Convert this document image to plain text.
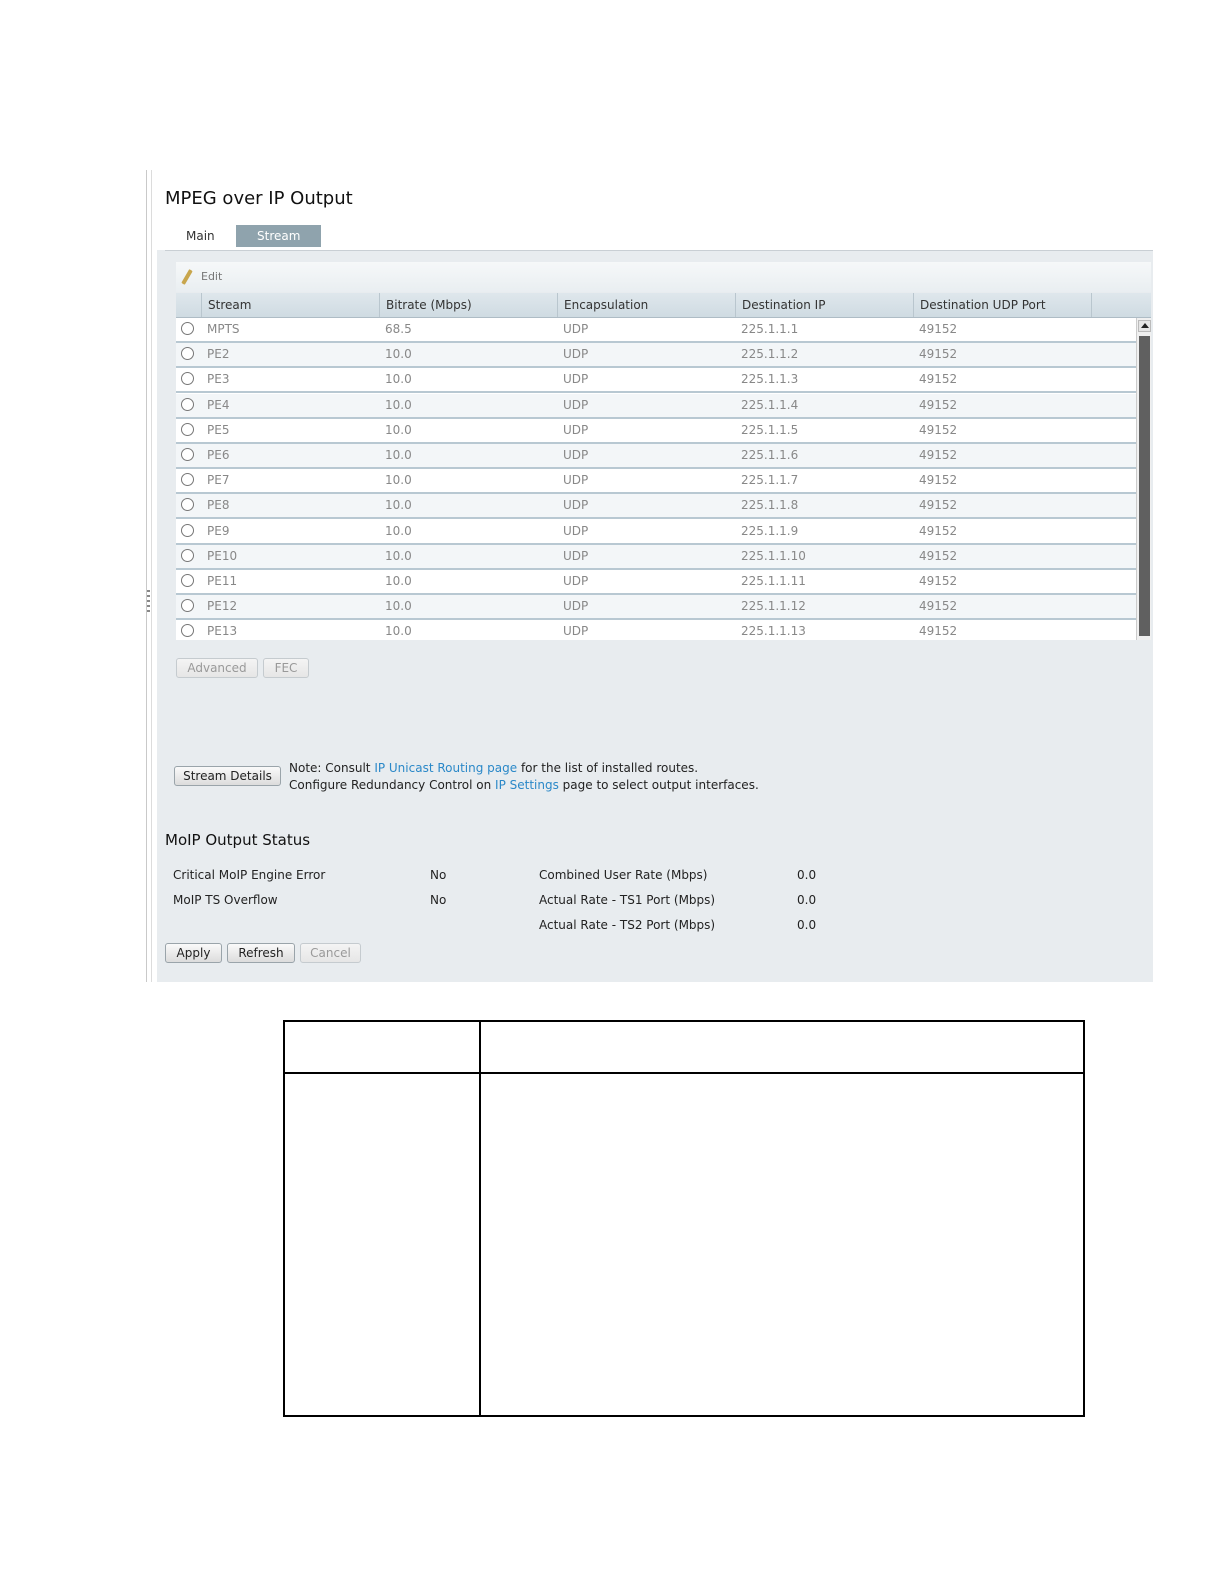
MPEG over IP Output
Main	Stream
Edit
Stream	Bitrate (Mbps)	Encapsulation	Destination IP	Destination UDP Port
MPTS	68.5	UDP	225.1.1.1	49152
PE2	10.0	UDP	225.1.1.2	49152
PE3	10.0	UDP	225.1.1.3	49152
PE4	10.0	UDP	225.1.1.4	49152
PE5	10.0	UDP	225.1.1.5	49152
PE6	10.0	UDP	225.1.1.6	49152
PE7	10.0	UDP	225.1.1.7	49152
PE8	10.0	UDP	225.1.1.8	49152
PE9	10.0	UDP	225.1.1.9	49152
PE10	10.0	UDP	225.1.1.10	49152
PE11	10.0	UDP	225.1.1.11	49152
PE12	10.0	UDP	225.1.1.12	49152
PE13	10.0	UDP	225.1.1.13	49152
Advanced	FEC
Stream Details
Note: Consult IP Unicast Routing page for the list of installed routes.
Configure Redundancy Control on IP Settings page to select output interfaces.
MoIP Output Status
Critical MoIP Engine Error	No
MoIP TS Overflow	No
Combined User Rate (Mbps)	0.0
Actual Rate - TS1 Port (Mbps)	0.0
Actual Rate - TS2 Port (Mbps)	0.0
Apply	Refresh	Cancel
